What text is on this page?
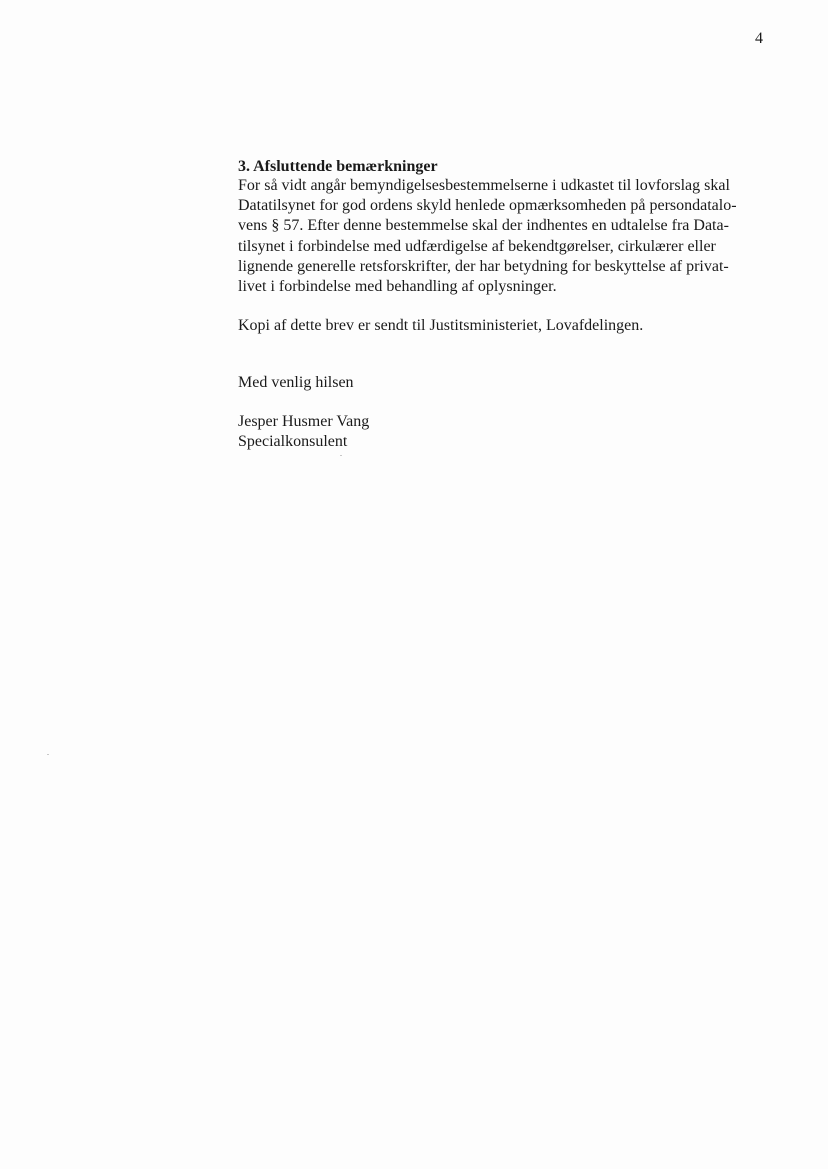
4
3. Afsluttende bemærkninger

For så vidt angår bemyndigelsesbestemmelserne i udkastet til lovforslag skal
Datatilsynet for god ordens skyld henlede opmærksomheden på persondatalo-
vens § 57. Efter denne bestemmelse skal der indhentes en udtalelse fra Data-
tilsynet i forbindelse med udfærdigelse af bekendtgørelser, cirkulærer eller
lignende generelle retsforskrifter, der har betydning for beskyttelse af privat-
livet i forbindelse med behandling af oplysninger.

Kopi af dette brev er sendt til Justitsministeriet, Lovafdelingen.

Med venlig hilsen

Jesper Husmer Vang
Specialkonsulent
